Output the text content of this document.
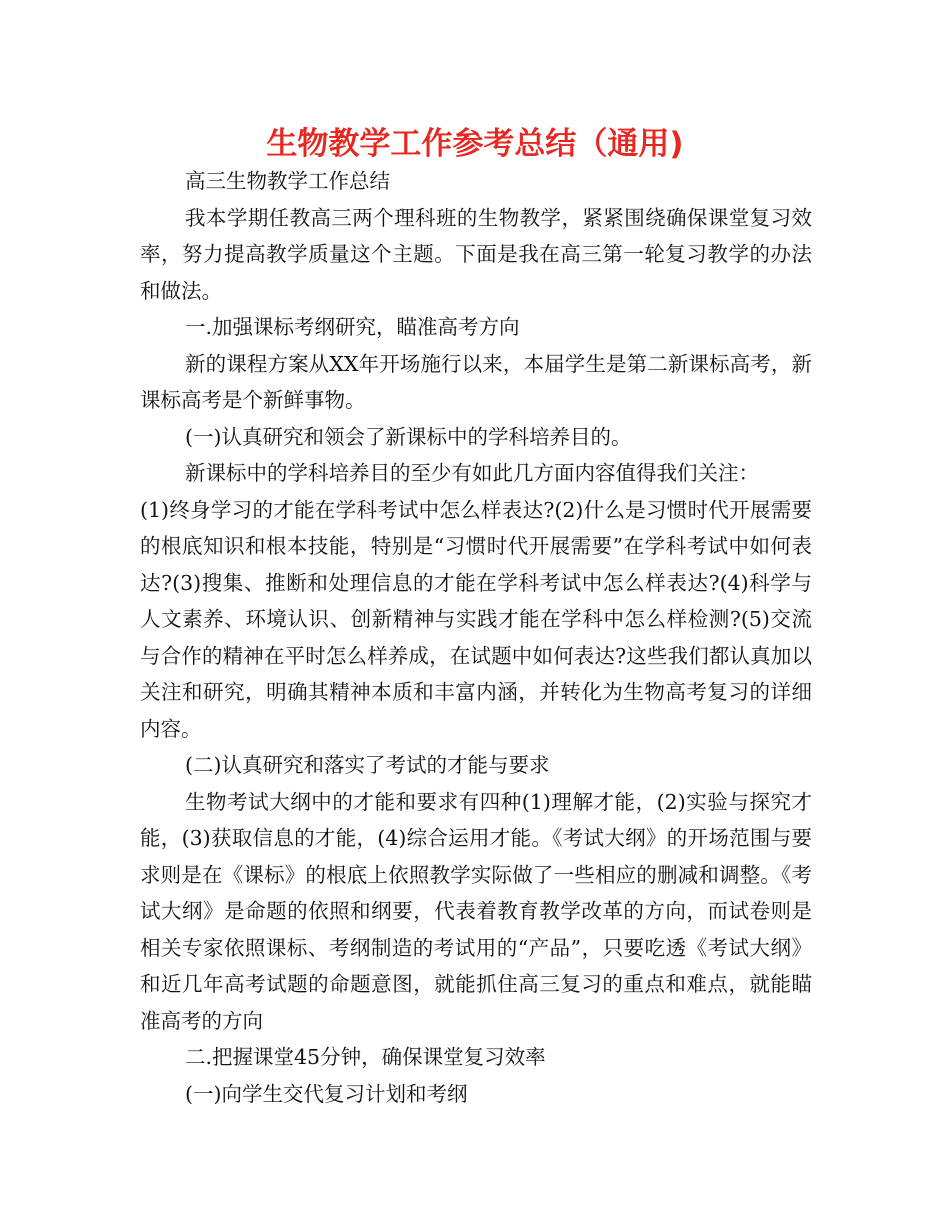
生物教学工作参考总结（通用)

高三生物教学工作总结

我本学期任教高三两个理科班的生物教学，紧紧围绕确保课堂复习效率，努力提高教学质量这个主题。下面是我在高三第一轮复习教学的办法和做法。

一.加强课标考纲研究，瞄准高考方向

新的课程方案从XX年开场施行以来，本届学生是第二新课标高考，新课标高考是个新鲜事物。

(一)认真研究和领会了新课标中的学科培养目的。

新课标中的学科培养目的至少有如此几方面内容值得我们关注：

(1)终身学习的才能在学科考试中怎么样表达?(2)什么是习惯时代开展需要的根底知识和根本技能，特别是“习惯时代开展需要”在学科考试中如何表达?(3)搜集、推断和处理信息的才能在学科考试中怎么样表达?(4)科学与人文素养、环境认识、创新精神与实践才能在学科中怎么样检测?(5)交流与合作的精神在平时怎么样养成，在试题中如何表达?这些我们都认真加以关注和研究，明确其精神本质和丰富内涵，并转化为生物高考复习的详细内容。

(二)认真研究和落实了考试的才能与要求

生物考试大纲中的才能和要求有四种(1)理解才能，(2)实验与探究才能，(3)获取信息的才能，(4)综合运用才能。《考试大纲》的开场范围与要求则是在《课标》的根底上依照教学实际做了一些相应的删减和调整。《考试大纲》是命题的依照和纲要，代表着教育教学改革的方向，而试卷则是相关专家依照课标、考纲制造的考试用的“产品”，只要吃透《考试大纲》和近几年高考试题的命题意图，就能抓住高三复习的重点和难点，就能瞄准高考的方向

二.把握课堂45分钟，确保课堂复习效率

(一)向学生交代复习计划和考纲
